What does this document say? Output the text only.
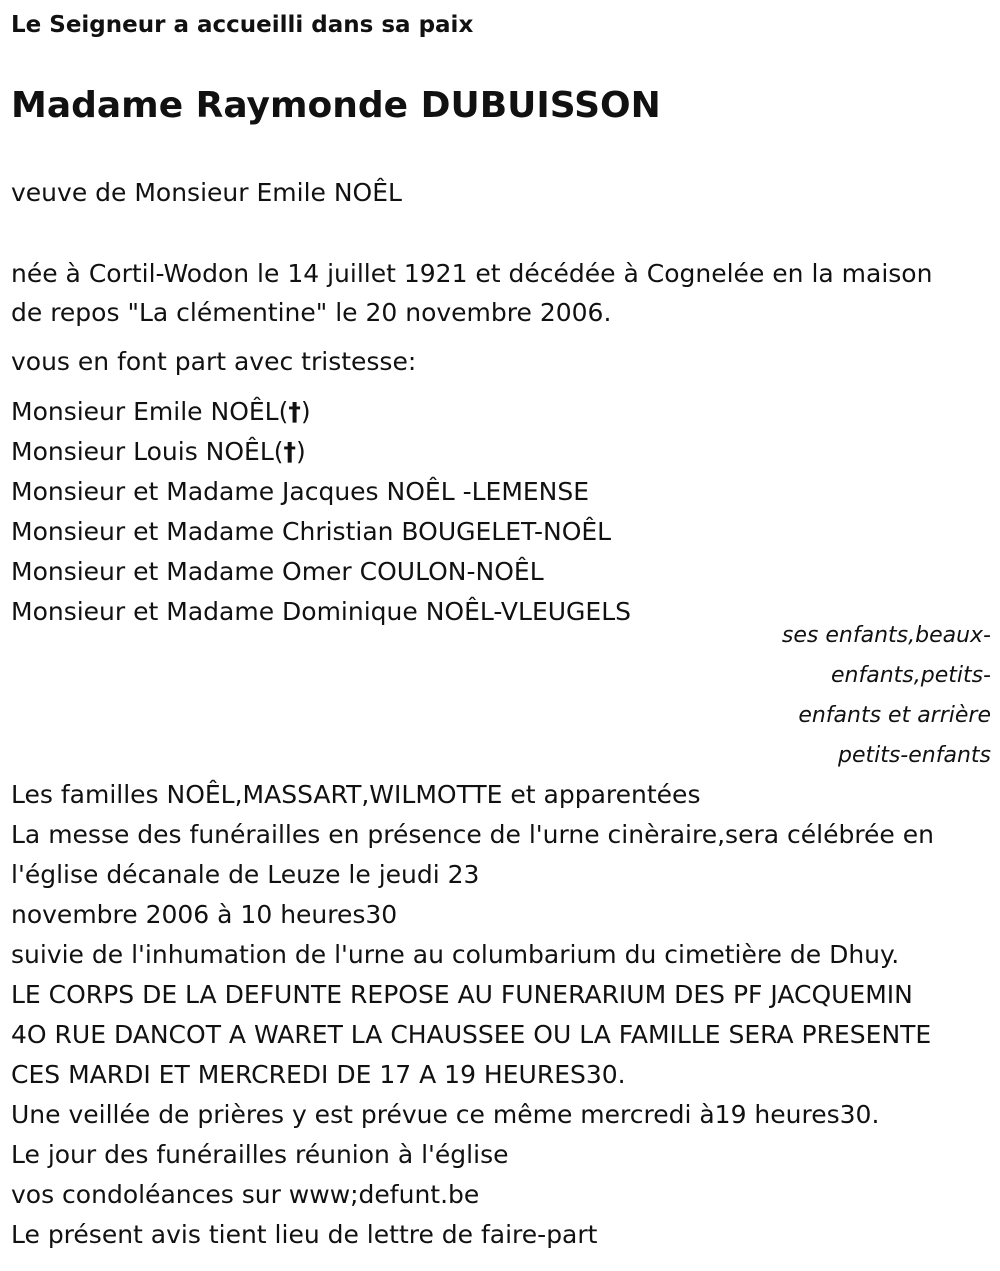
Le Seigneur a accueilli dans sa paix
Madame Raymonde DUBUISSON
veuve de Monsieur Emile NOÊL
née à Cortil-Wodon le 14 juillet 1921 et décédée à Cognelée en la maison
de repos "La clémentine" le 20 novembre 2006.
vous en font part avec tristesse:
Monsieur Emile NOÊL(†)
Monsieur Louis NOÊL(†)
Monsieur et Madame Jacques NOÊL -LEMENSE
Monsieur et Madame Christian BOUGELET-NOÊL
Monsieur et Madame Omer COULON-NOÊL
Monsieur et Madame Dominique NOÊL-VLEUGELS
ses enfants,beaux-
enfants,petits-
enfants et arrière
petits-enfants
Les familles NOÊL,MASSART,WILMOTTE et apparentées
La messe des funérailles en présence de l'urne cinèraire,sera célébrée en
l'église décanale de Leuze le jeudi 23
novembre 2006 à 10 heures30
suivie de l'inhumation de l'urne au columbarium du cimetière de Dhuy.
LE CORPS DE LA DEFUNTE REPOSE AU FUNERARIUM DES PF JACQUEMIN
4O RUE DANCOT A WARET LA CHAUSSEE OU LA FAMILLE SERA PRESENTE
CES MARDI ET MERCREDI DE 17 A 19 HEURES30.
Une veillée de prières y est prévue ce même mercredi à19 heures30.
Le jour des funérailles réunion à l'église
vos condoléances sur www;defunt.be
Le présent avis tient lieu de lettre de faire-part
